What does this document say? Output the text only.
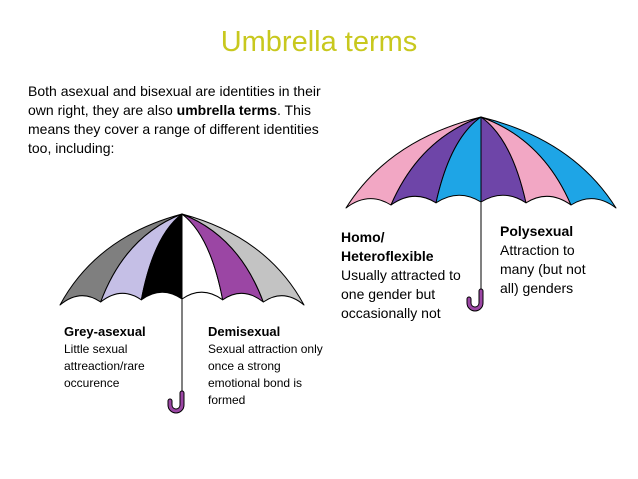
Umbrella terms
Both asexual and bisexual are identities in their own right, they are also umbrella terms. This means they cover a range of different identities too, including:
Grey-asexual
Little sexual attreaction/rare occurence
Demisexual
Sexual attraction only once a strong emotional bond is formed
Homo/ Heteroflexible
Usually attracted to one gender but occasionally not
Polysexual
Attraction to many (but not all) genders
